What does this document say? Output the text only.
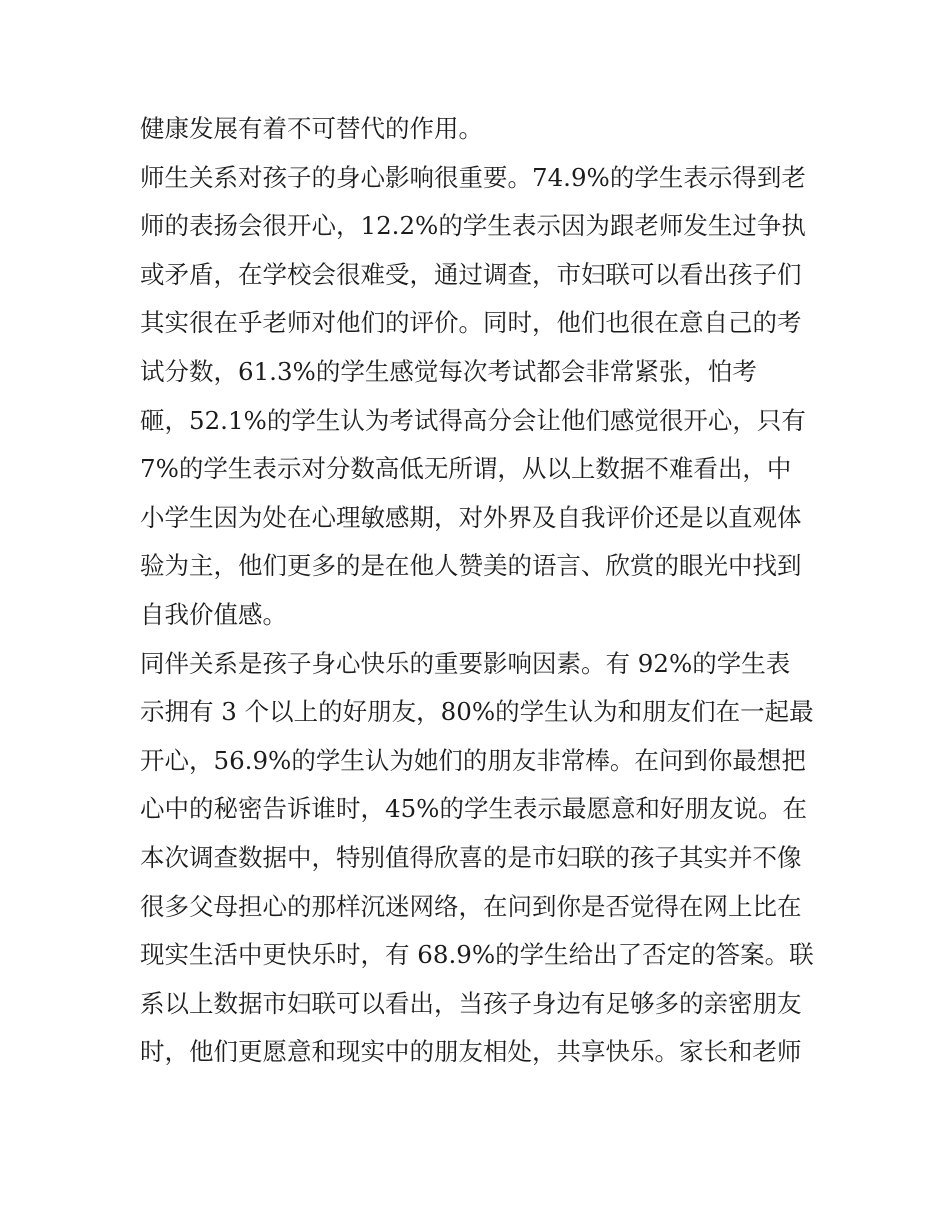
健康发展有着不可替代的作用。
师生关系对孩子的身心影响很重要。74.9%的学生表示得到老
师的表扬会很开心，12.2%的学生表示因为跟老师发生过争执
或矛盾，在学校会很难受，通过调查，市妇联可以看出孩子们
其实很在乎老师对他们的评价。同时，他们也很在意自己的考
试分数，61.3%的学生感觉每次考试都会非常紧张，怕考
砸，52.1%的学生认为考试得高分会让他们感觉很开心，只有
7%的学生表示对分数高低无所谓，从以上数据不难看出，中
小学生因为处在心理敏感期，对外界及自我评价还是以直观体
验为主，他们更多的是在他人赞美的语言、欣赏的眼光中找到
自我价值感。
同伴关系是孩子身心快乐的重要影响因素。有 92%的学生表
示拥有 3 个以上的好朋友，80%的学生认为和朋友们在一起最
开心，56.9%的学生认为她们的朋友非常棒。在问到你最想把
心中的秘密告诉谁时，45%的学生表示最愿意和好朋友说。在
本次调查数据中，特别值得欣喜的是市妇联的孩子其实并不像
很多父母担心的那样沉迷网络，在问到你是否觉得在网上比在
现实生活中更快乐时，有 68.9%的学生给出了否定的答案。联
系以上数据市妇联可以看出，当孩子身边有足够多的亲密朋友
时，他们更愿意和现实中的朋友相处，共享快乐。家长和老师
